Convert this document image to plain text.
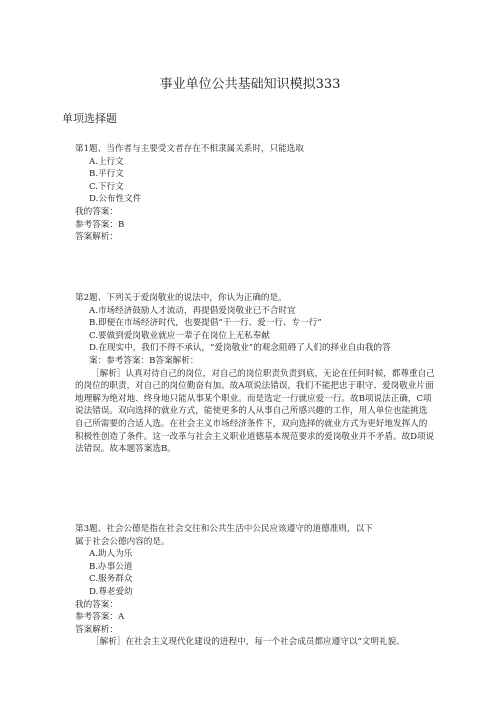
事业单位公共基础知识模拟333
单项选择题
第1题、当作者与主要受文者存在不相隶属关系时，只能选取
A.上行文
B.平行文
C.下行文
D.公布性文件
我的答案：
参考答案：B
答案解析：
第2题、下列关于爱岗敬业的说法中，你认为正确的是。
A.市场经济鼓励人才流动，再提倡爱岗敬业已不合时宜
B.即便在市场经济时代，也要提倡“干一行、爱一行、专一行”
C.要做到爱岗敬业就应一辈子在岗位上无私奉献
D.在现实中，我们不得不承认，“爱岗敬业”的观念阻碍了人们的择业自由我的答
案：参考答案：B答案解析：
［解析］认真对待自己的岗位，对自己的岗位职责负责到底，无论在任何时候，都尊重自己的岗位的职责，对自己的岗位勤奋有加。故A项说法错误，我们不能把忠于职守、爱岗敬业片面地理解为绝对地、终身地只能从事某个职业。而是选定一行就应爱一行。故B项说法正确，C项说法错误。双向选择的就业方式，能使更多的人从事自己所感兴趣的工作，用人单位也能挑选自己所需要的合适人选。在社会主义市场经济条件下，双向选择的就业方式为更好地发挥人的积极性创造了条件。这一改革与社会主义职业道德基本规范要求的爱岗敬业并不矛盾。故D项说法错误。故本题答案选B。
第3题、社会公德是指在社会交往和公共生活中公民应该遵守的道德准则，以下
属于社会公德内容的是。
A.助人为乐
B.办事公道
C.服务群众
D.尊老爱幼
我的答案：
参考答案：A
答案解析：
［解析］在社会主义现代化建设的进程中，每一个社会成员都应遵守以“文明礼貌、
